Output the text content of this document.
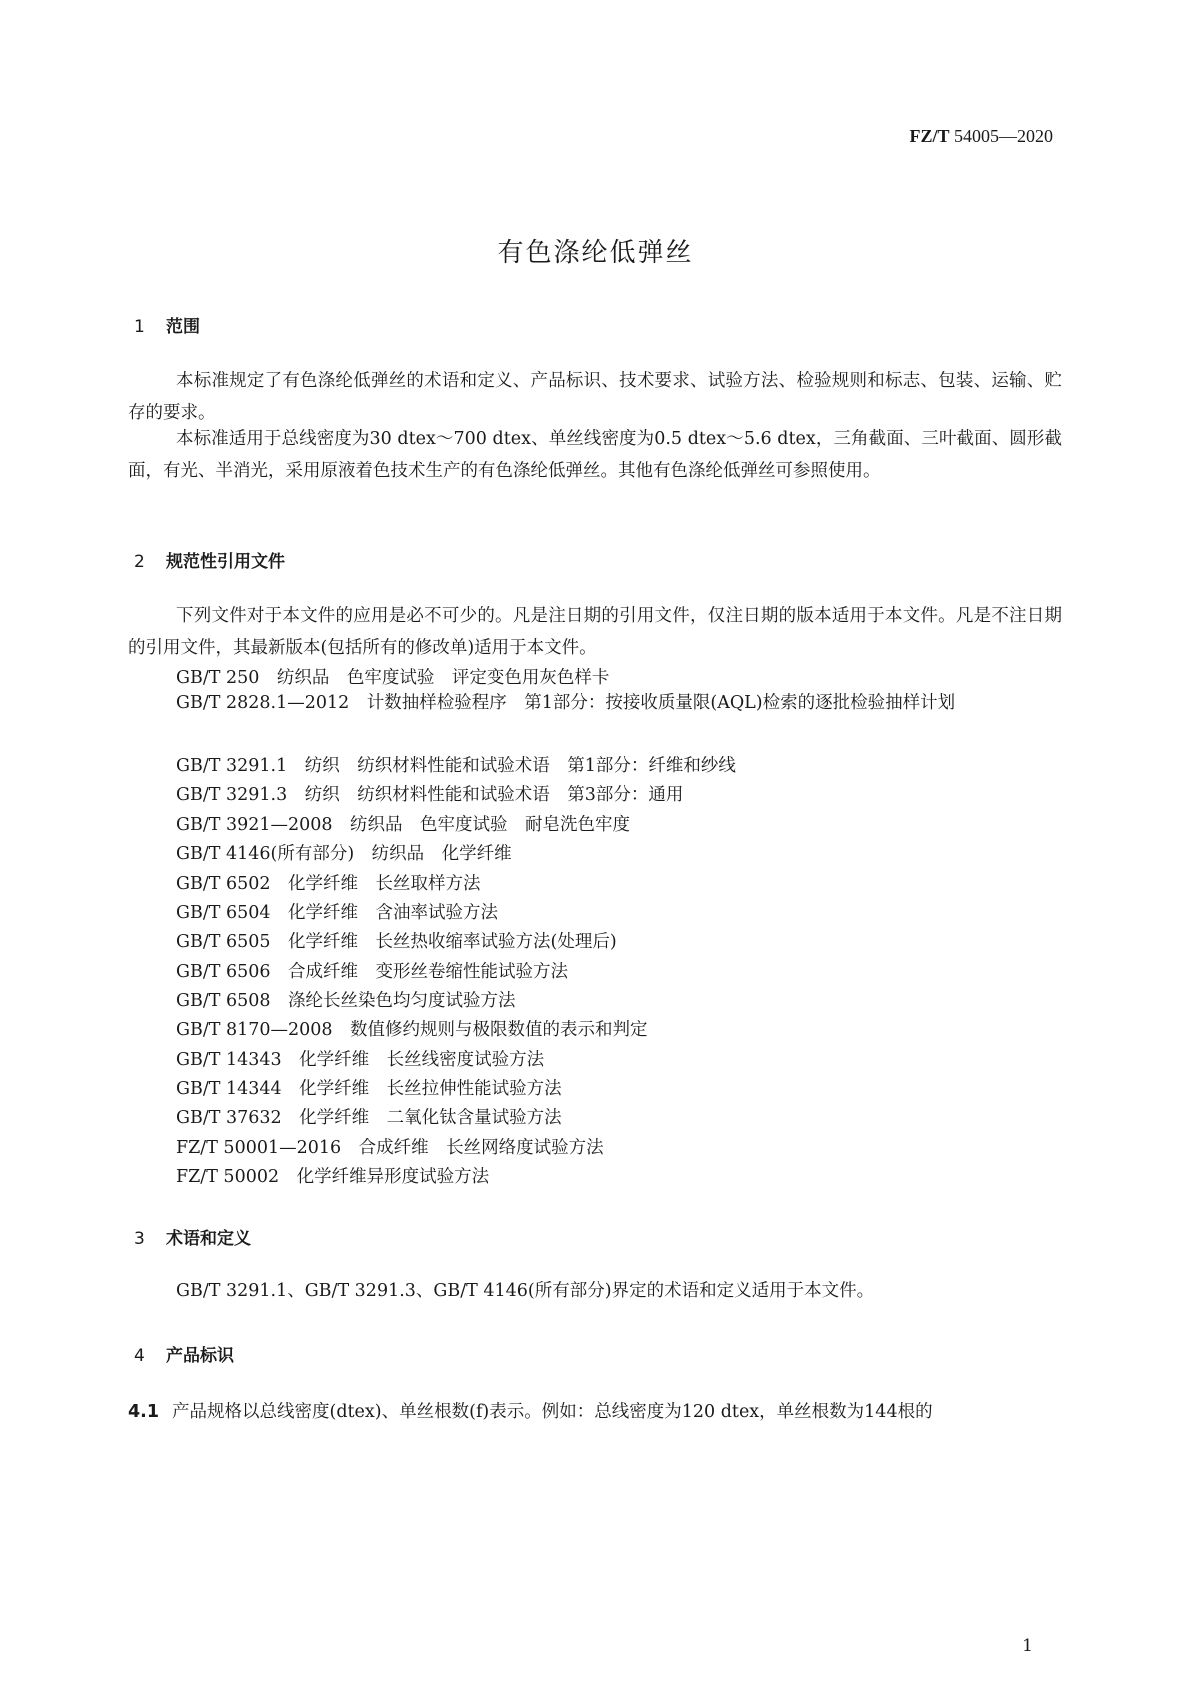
FZ/T 54005—2020
有色涤纶低弹丝
1 范围

本标准规定了有色涤纶低弹丝的术语和定义、产品标识、技术要求、试验方法、检验规则和标志、包装、运输、贮存的要求。

本标准适用于总线密度为30 dtex～700 dtex、单丝线密度为0.5 dtex～5.6 dtex，三角截面、三叶截面、圆形截面，有光、半消光，采用原液着色技术生产的有色涤纶低弹丝。其他有色涤纶低弹丝可参照使用。

2 规范性引用文件

下列文件对于本文件的应用是必不可少的。凡是注日期的引用文件，仅注日期的版本适用于本文件。凡是不注日期的引用文件，其最新版本(包括所有的修改单)适用于本文件。

GB/T 250　纺织品　色牢度试验　评定变色用灰色样卡

GB/T 2828.1—2012　计数抽样检验程序　第1部分：按接收质量限(AQL)检索的逐批检验抽样计划

GB/T 3291.1　纺织　纺织材料性能和试验术语　第1部分：纤维和纱线
GB/T 3291.3　纺织　纺织材料性能和试验术语　第3部分：通用
GB/T 3921—2008　纺织品　色牢度试验　耐皂洗色牢度
GB/T 4146(所有部分)　纺织品　化学纤维
GB/T 6502　化学纤维　长丝取样方法
GB/T 6504　化学纤维　含油率试验方法
GB/T 6505　化学纤维　长丝热收缩率试验方法(处理后)
GB/T 6506　合成纤维　变形丝卷缩性能试验方法
GB/T 6508　涤纶长丝染色均匀度试验方法
GB/T 8170—2008　数值修约规则与极限数值的表示和判定
GB/T 14343　化学纤维　长丝线密度试验方法
GB/T 14344　化学纤维　长丝拉伸性能试验方法
GB/T 37632　化学纤维　二氧化钛含量试验方法
FZ/T 50001—2016　合成纤维　长丝网络度试验方法
FZ/T 50002　化学纤维异形度试验方法
3 术语和定义

GB/T 3291.1、GB/T 3291.3、GB/T 4146(所有部分)界定的术语和定义适用于本文件。

4 产品标识
4.1 产品规格以总线密度(dtex)、单丝根数(f)表示。例如：总线密度为120 dtex，单丝根数为144根的
1
